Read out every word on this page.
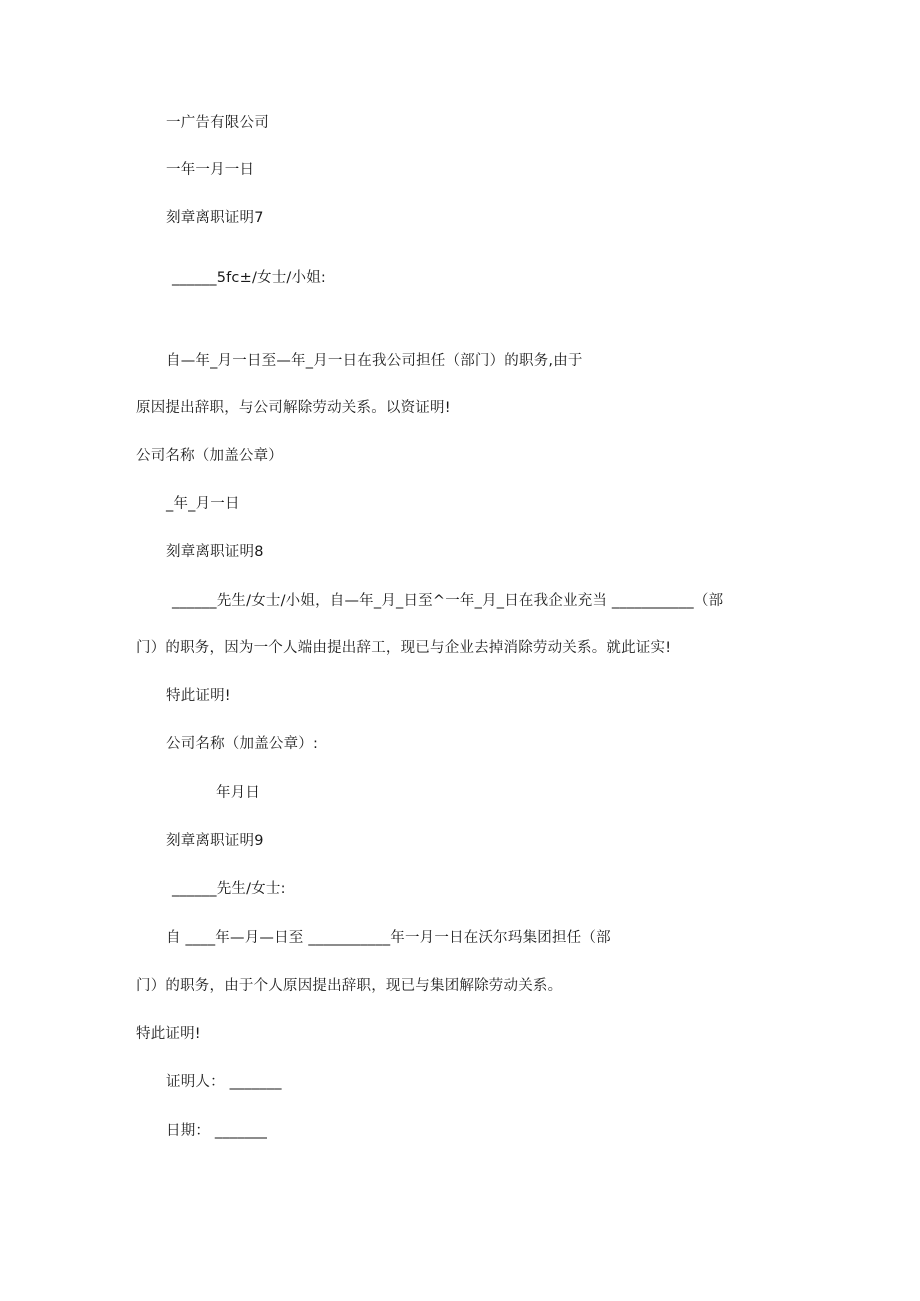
一广告有限公司
一年一月一日
刻章离职证明7
______5fc±/女士/小姐:
自—年_月一日至—年_月一日在我公司担任（部门）的职务,由于
原因提出辞职，与公司解除劳动关系。以资证明!
公司名称（加盖公章）
_年_月一日
刻章离职证明8
______先生/女士/小姐，自—年_月_日至^一年_月_日在我企业充当 ___________（部
门）的职务，因为一个人端由提出辞工，现已与企业去掉消除劳动关系。就此证实!
特此证明!
公司名称（加盖公章）:
年月日
刻章离职证明9
______先生/女士:
自 ____年—月—日至 ___________年一月一日在沃尔玛集团担任（部
门）的职务，由于个人原因提出辞职，现已与集团解除劳动关系。
特此证明!
证明人： _______
日期： _______
